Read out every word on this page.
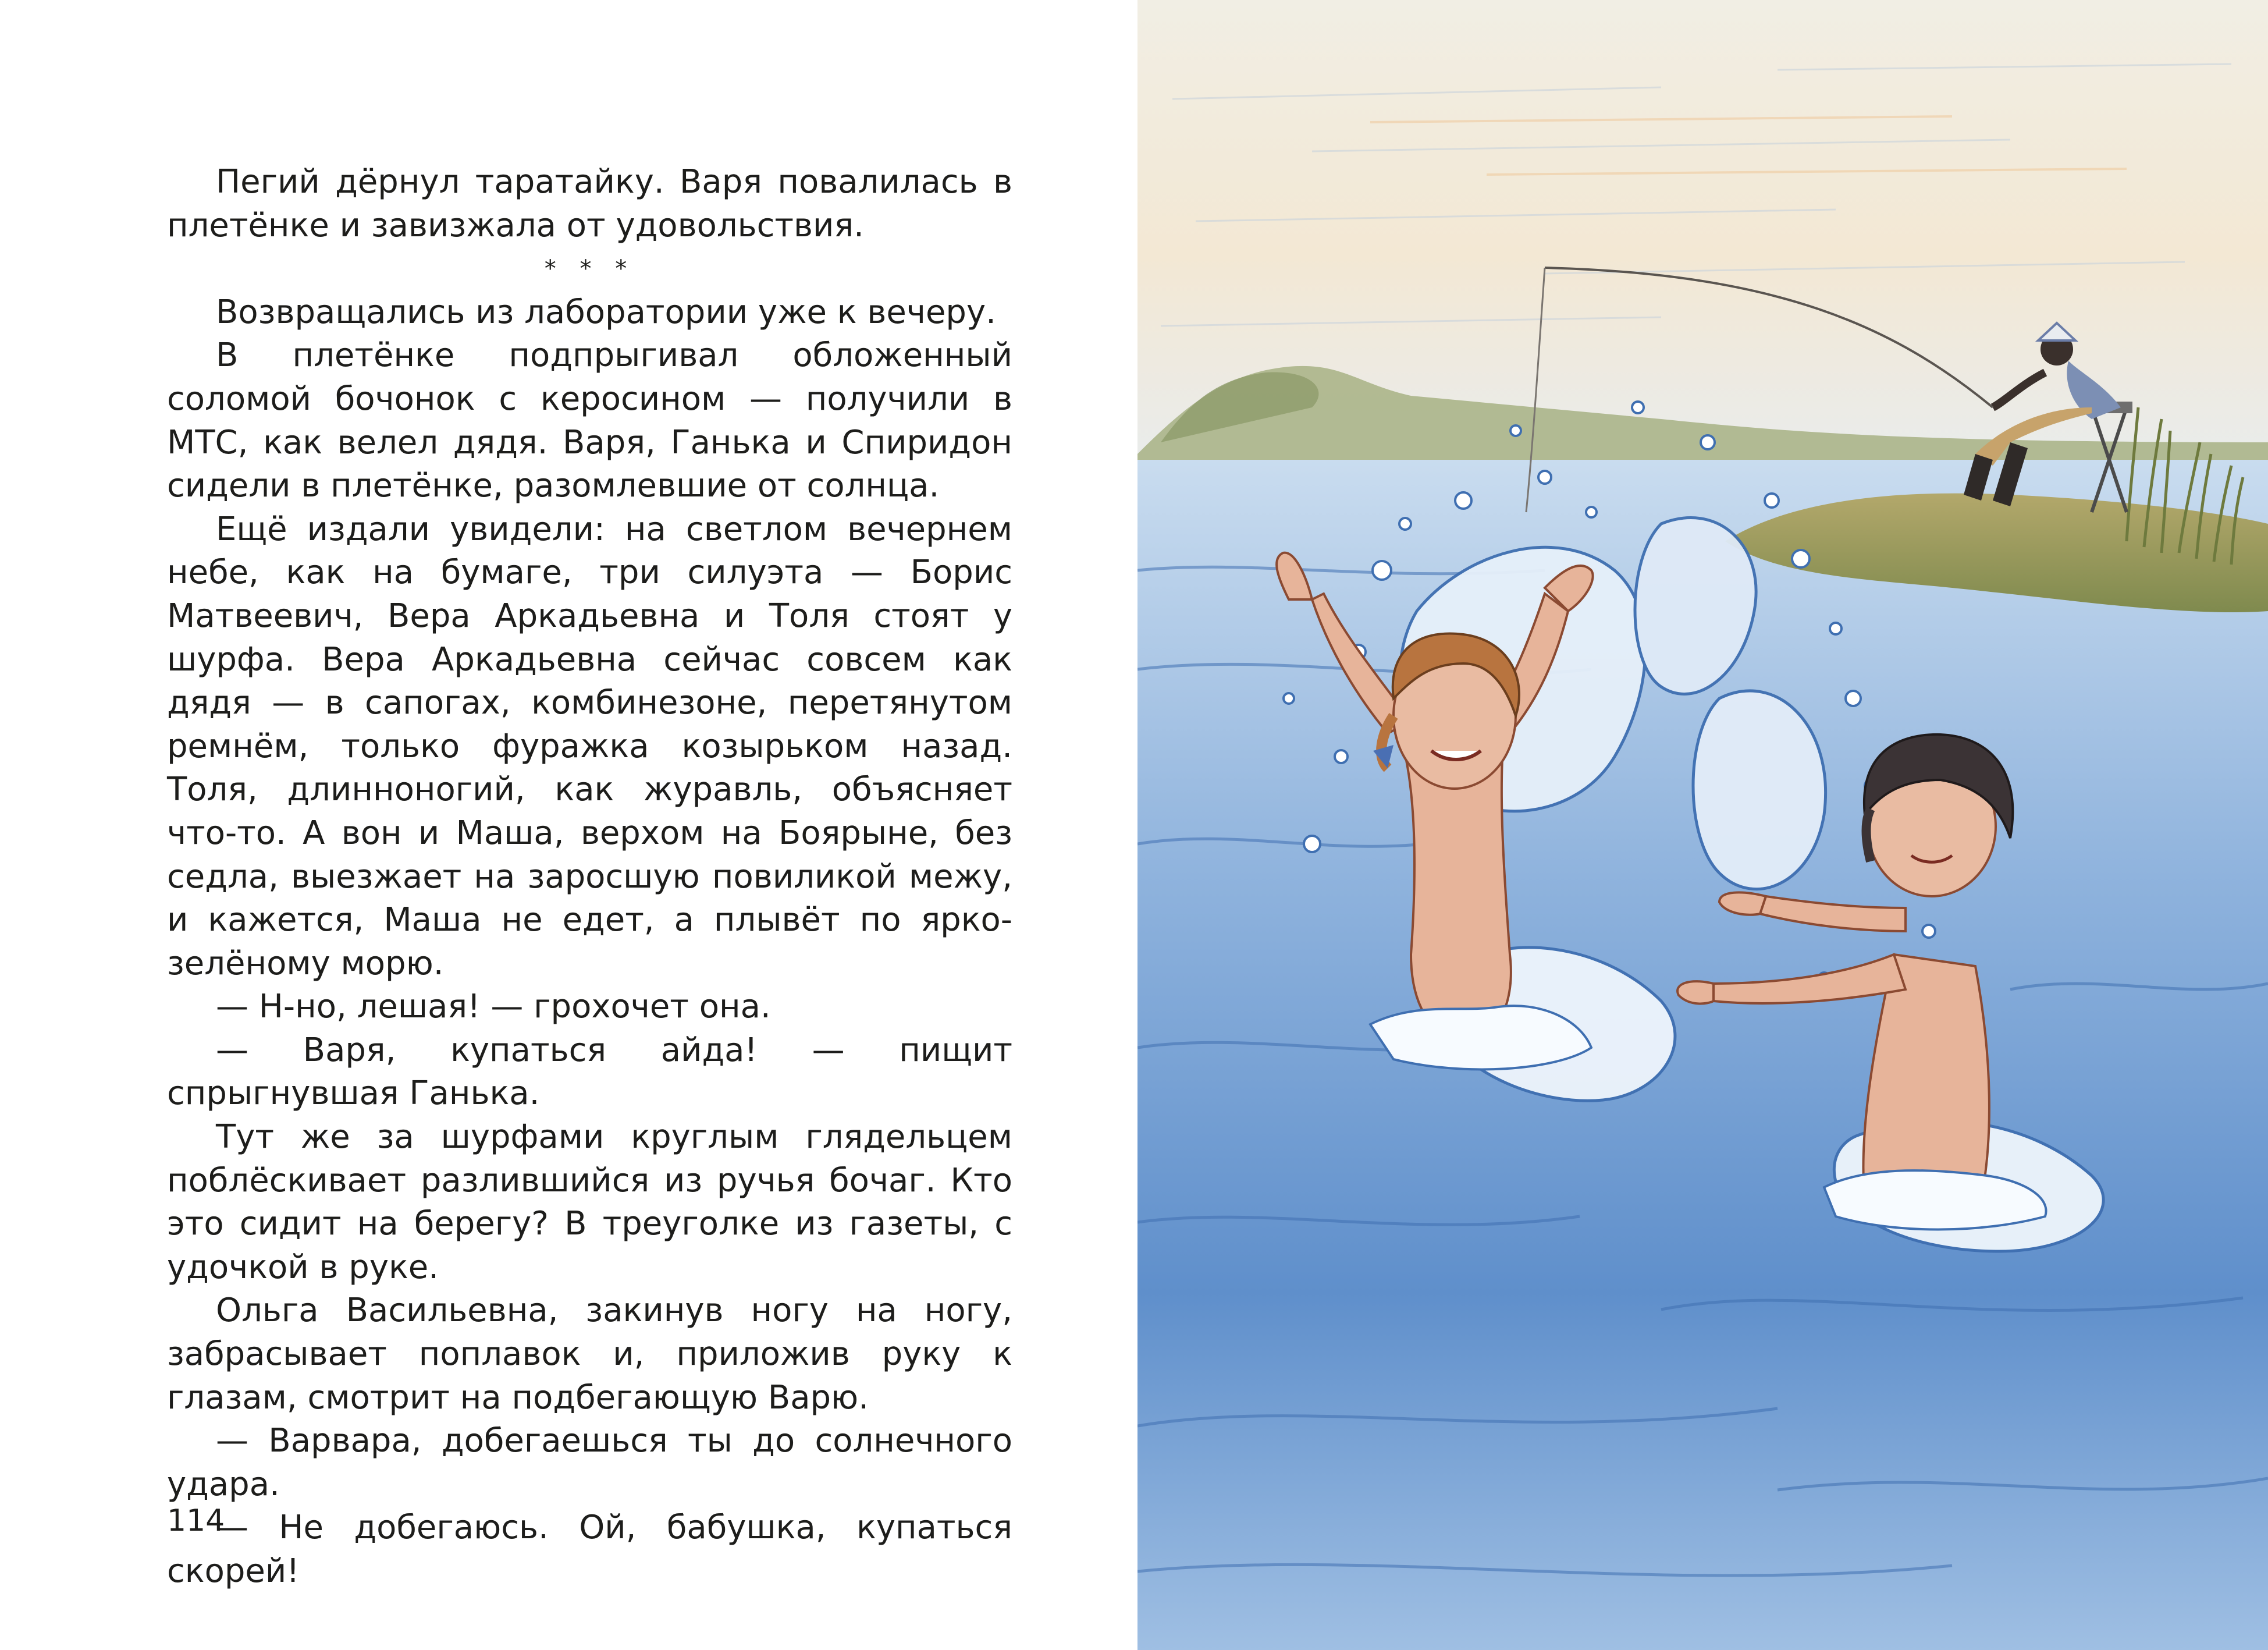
Пегий дёрнул таратайку. Варя повалилась в плетёнке и завизжала от удовольствия.

* * *

Возвращались из лаборатории уже к вечеру.

В плетёнке подпрыгивал обложенный соломой бочонок с керосином — получили в МТС, как велел дядя. Варя, Ганька и Спиридон сидели в плетёнке, разомлевшие от солнца.

Ещё издали увидели: на светлом вечернем небе, как на бумаге, три силуэта — Борис Матвеевич, Вера Аркадьевна и Толя стоят у шурфа. Вера Аркадьевна сейчас совсем как дядя — в сапогах, комбинезоне, перетянутом ремнём, только фуражка козырьком назад. Толя, длинноногий, как журавль, объясняет что-то. А вон и Маша, верхом на Боярыне, без седла, выезжает на заросшую повиликой межу, и кажется, Маша не едет, а плывёт по ярко-зелёному морю.

— Н-но, лешая! — грохочет она.

— Варя, купаться айда! — пищит спрыгнувшая Ганька.

Тут же за шурфами круглым глядельцем поблёскивает разлившийся из ручья бочаг. Кто это сидит на берегу? В треуголке из газеты, с удочкой в руке.

Ольга Васильевна, закинув ногу на ногу, забрасывает поплавок и, приложив руку к глазам, смотрит на подбегающую Варю.

— Варвара, добегаешься ты до солнечного удара.

— Не добегаюсь. Ой, бабушка, купаться скорей!

114
